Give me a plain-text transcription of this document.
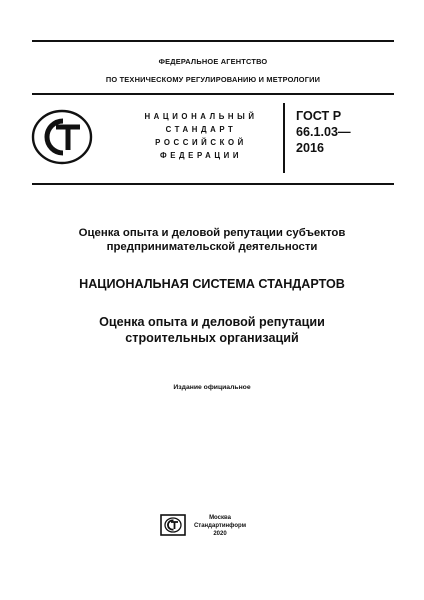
ФЕДЕРАЛЬНОЕ АГЕНТСТВО
ПО ТЕХНИЧЕСКОМУ РЕГУЛИРОВАНИЮ И МЕТРОЛОГИИ
НАЦИОНАЛЬНЫЙ
СТАНДАРТ
РОССИЙСКОЙ
ФЕДЕРАЦИИ
ГОСТ Р
66.1.03—
2016
Оценка опыта и деловой репутации субъектов
предпринимательской деятельности
НАЦИОНАЛЬНАЯ СИСТЕМА СТАНДАРТОВ
Оценка опыта и деловой репутации
строительных организаций
Издание официальное
Москва
Стандартинформ
2020
